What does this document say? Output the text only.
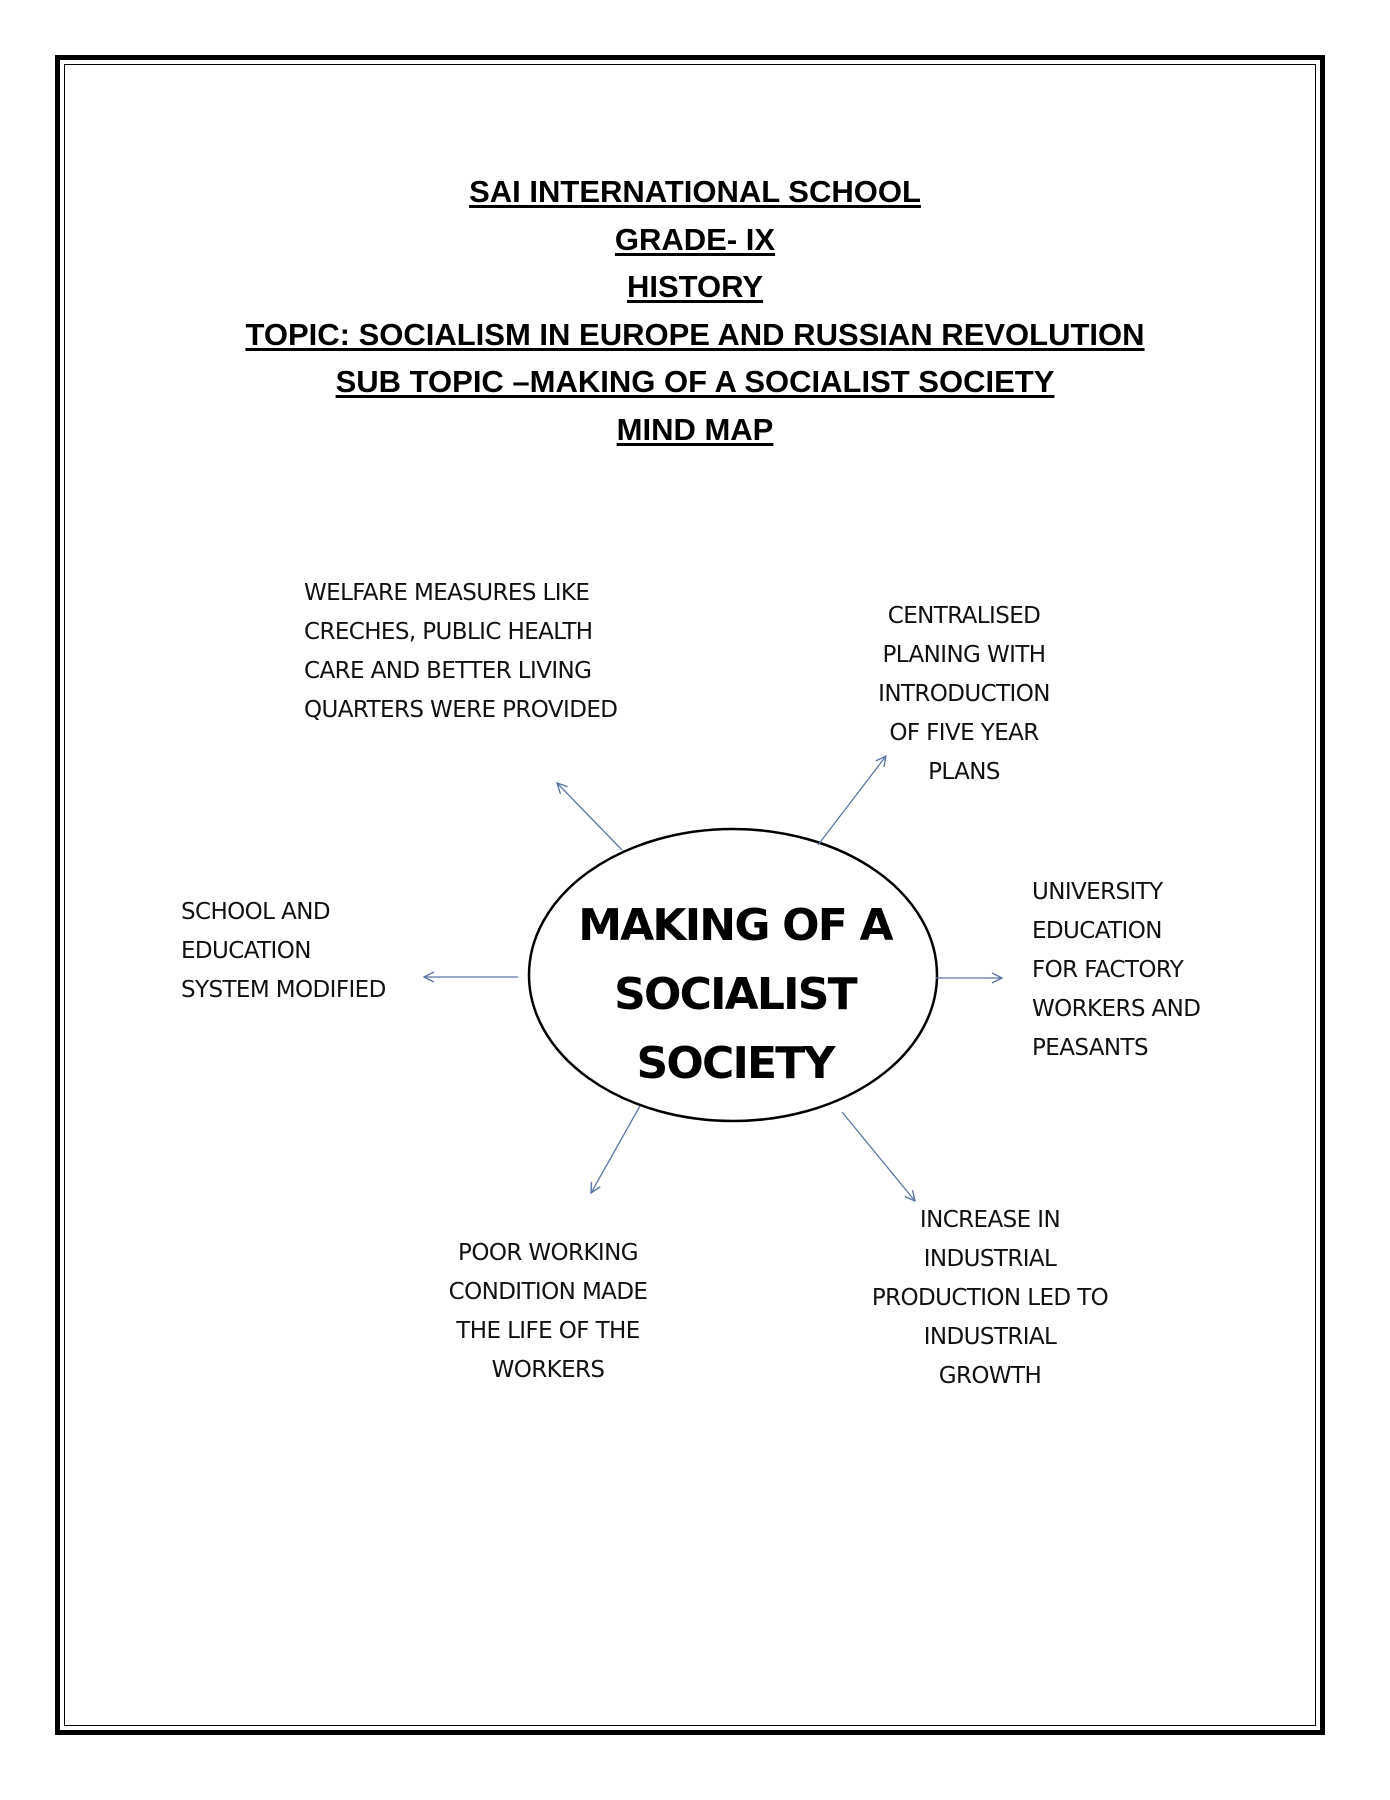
SAI INTERNATIONAL SCHOOL
GRADE- IX
HISTORY
TOPIC: SOCIALISM IN EUROPE AND RUSSIAN REVOLUTION
SUB TOPIC –MAKING OF A SOCIALIST SOCIETY
MIND MAP
MAKING OF A
SOCIALIST
SOCIETY
WELFARE MEASURES LIKE
CRECHES, PUBLIC HEALTH
CARE AND BETTER LIVING
QUARTERS WERE PROVIDED
CENTRALISED
PLANING WITH
INTRODUCTION
OF FIVE YEAR
PLANS
SCHOOL AND
EDUCATION
SYSTEM MODIFIED
UNIVERSITY
EDUCATION
FOR FACTORY
WORKERS AND
PEASANTS
POOR WORKING
CONDITION MADE
THE LIFE OF THE
WORKERS
INCREASE IN
INDUSTRIAL
PRODUCTION LED TO
INDUSTRIAL
GROWTH
